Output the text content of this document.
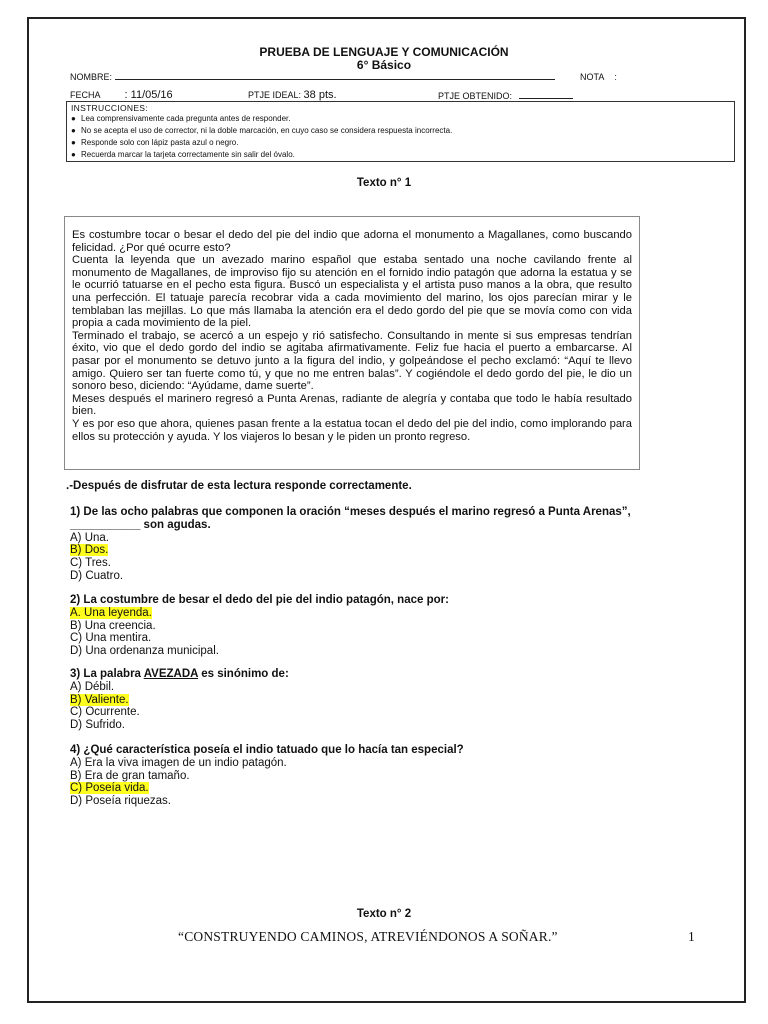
PRUEBA DE LENGUAJE Y COMUNICACIÓN
6° Básico
NOMBRE:	NOTA :
FECHA : 11/05/16	PTJE IDEAL: 38 pts.	PTJE OBTENIDO:
INSTRUCCIONES:
● Lea comprensivamente cada pregunta antes de responder.
● No se acepta el uso de corrector, ni la doble marcación, en cuyo caso se considera respuesta incorrecta.
● Responde solo con lápiz pasta azul o negro.
● Recuerda marcar la tarjeta correctamente sin salir del óvalo.
Texto n° 1

Es costumbre tocar o besar el dedo del pie del indio que adorna el monumento a Magallanes, como buscando felicidad. ¿Por qué ocurre esto?

Cuenta la leyenda que un avezado marino español que estaba sentado una noche cavilando frente al monumento de Magallanes, de improviso fijo su atención en el fornido indio patagón que adorna la estatua y se le ocurrió tatuarse en el pecho esta figura. Buscó un especialista y el artista puso manos a la obra, que resulto una perfección. El tatuaje parecía recobrar vida a cada movimiento del marino, los ojos parecían mirar y le temblaban las mejillas. Lo que más llamaba la atención era el dedo gordo del pie que se movía como con vida propia a cada movimiento de la piel.

Terminado el trabajo, se acercó a un espejo y rió satisfecho. Consultando in mente si sus empresas tendrían éxito, vio que el dedo gordo del indio se agitaba afirmativamente. Feliz fue hacia el puerto a embarcarse. Al pasar por el monumento se detuvo junto a la figura del indio, y golpeándose el pecho exclamó: “Aquí te llevo amigo. Quiero ser tan fuerte como tú, y que no me entren balas”. Y cogiéndole el dedo gordo del pie, le dio un sonoro beso, diciendo: “Ayúdame, dame suerte”.

Meses después el marinero regresó a Punta Arenas, radiante de alegría y contaba que todo le había resultado bien.

Y es por eso que ahora, quienes pasan frente a la estatua tocan el dedo del pie del indio, como implorando para ellos su protección y ayuda. Y los viajeros lo besan y le piden un pronto regreso.

.-Después de disfrutar de esta lectura responde correctamente.
1) De las ocho palabras que componen la oración “meses después el marino regresó a Punta Arenas”, ___________ son agudas.
A) Una.
B) Dos.
C) Tres.
D) Cuatro.
2) La costumbre de besar el dedo del pie del indio patagón, nace por:
A. Una leyenda.
B) Una creencia.
C) Una mentira.
D) Una ordenanza municipal.
3) La palabra AVEZADA es sinónimo de:
A) Débil.
B) Valiente.
C) Ocurrente.
D) Sufrido.
4) ¿Qué característica poseía el indio tatuado que lo hacía tan especial?
A) Era la viva imagen de un indio patagón.
B) Era de gran tamaño.
C) Poseía vida.
D) Poseía riquezas.
Texto n° 2
“CONSTRUYENDO CAMINOS, ATREVIÉNDONOS A SOÑAR.”	1
